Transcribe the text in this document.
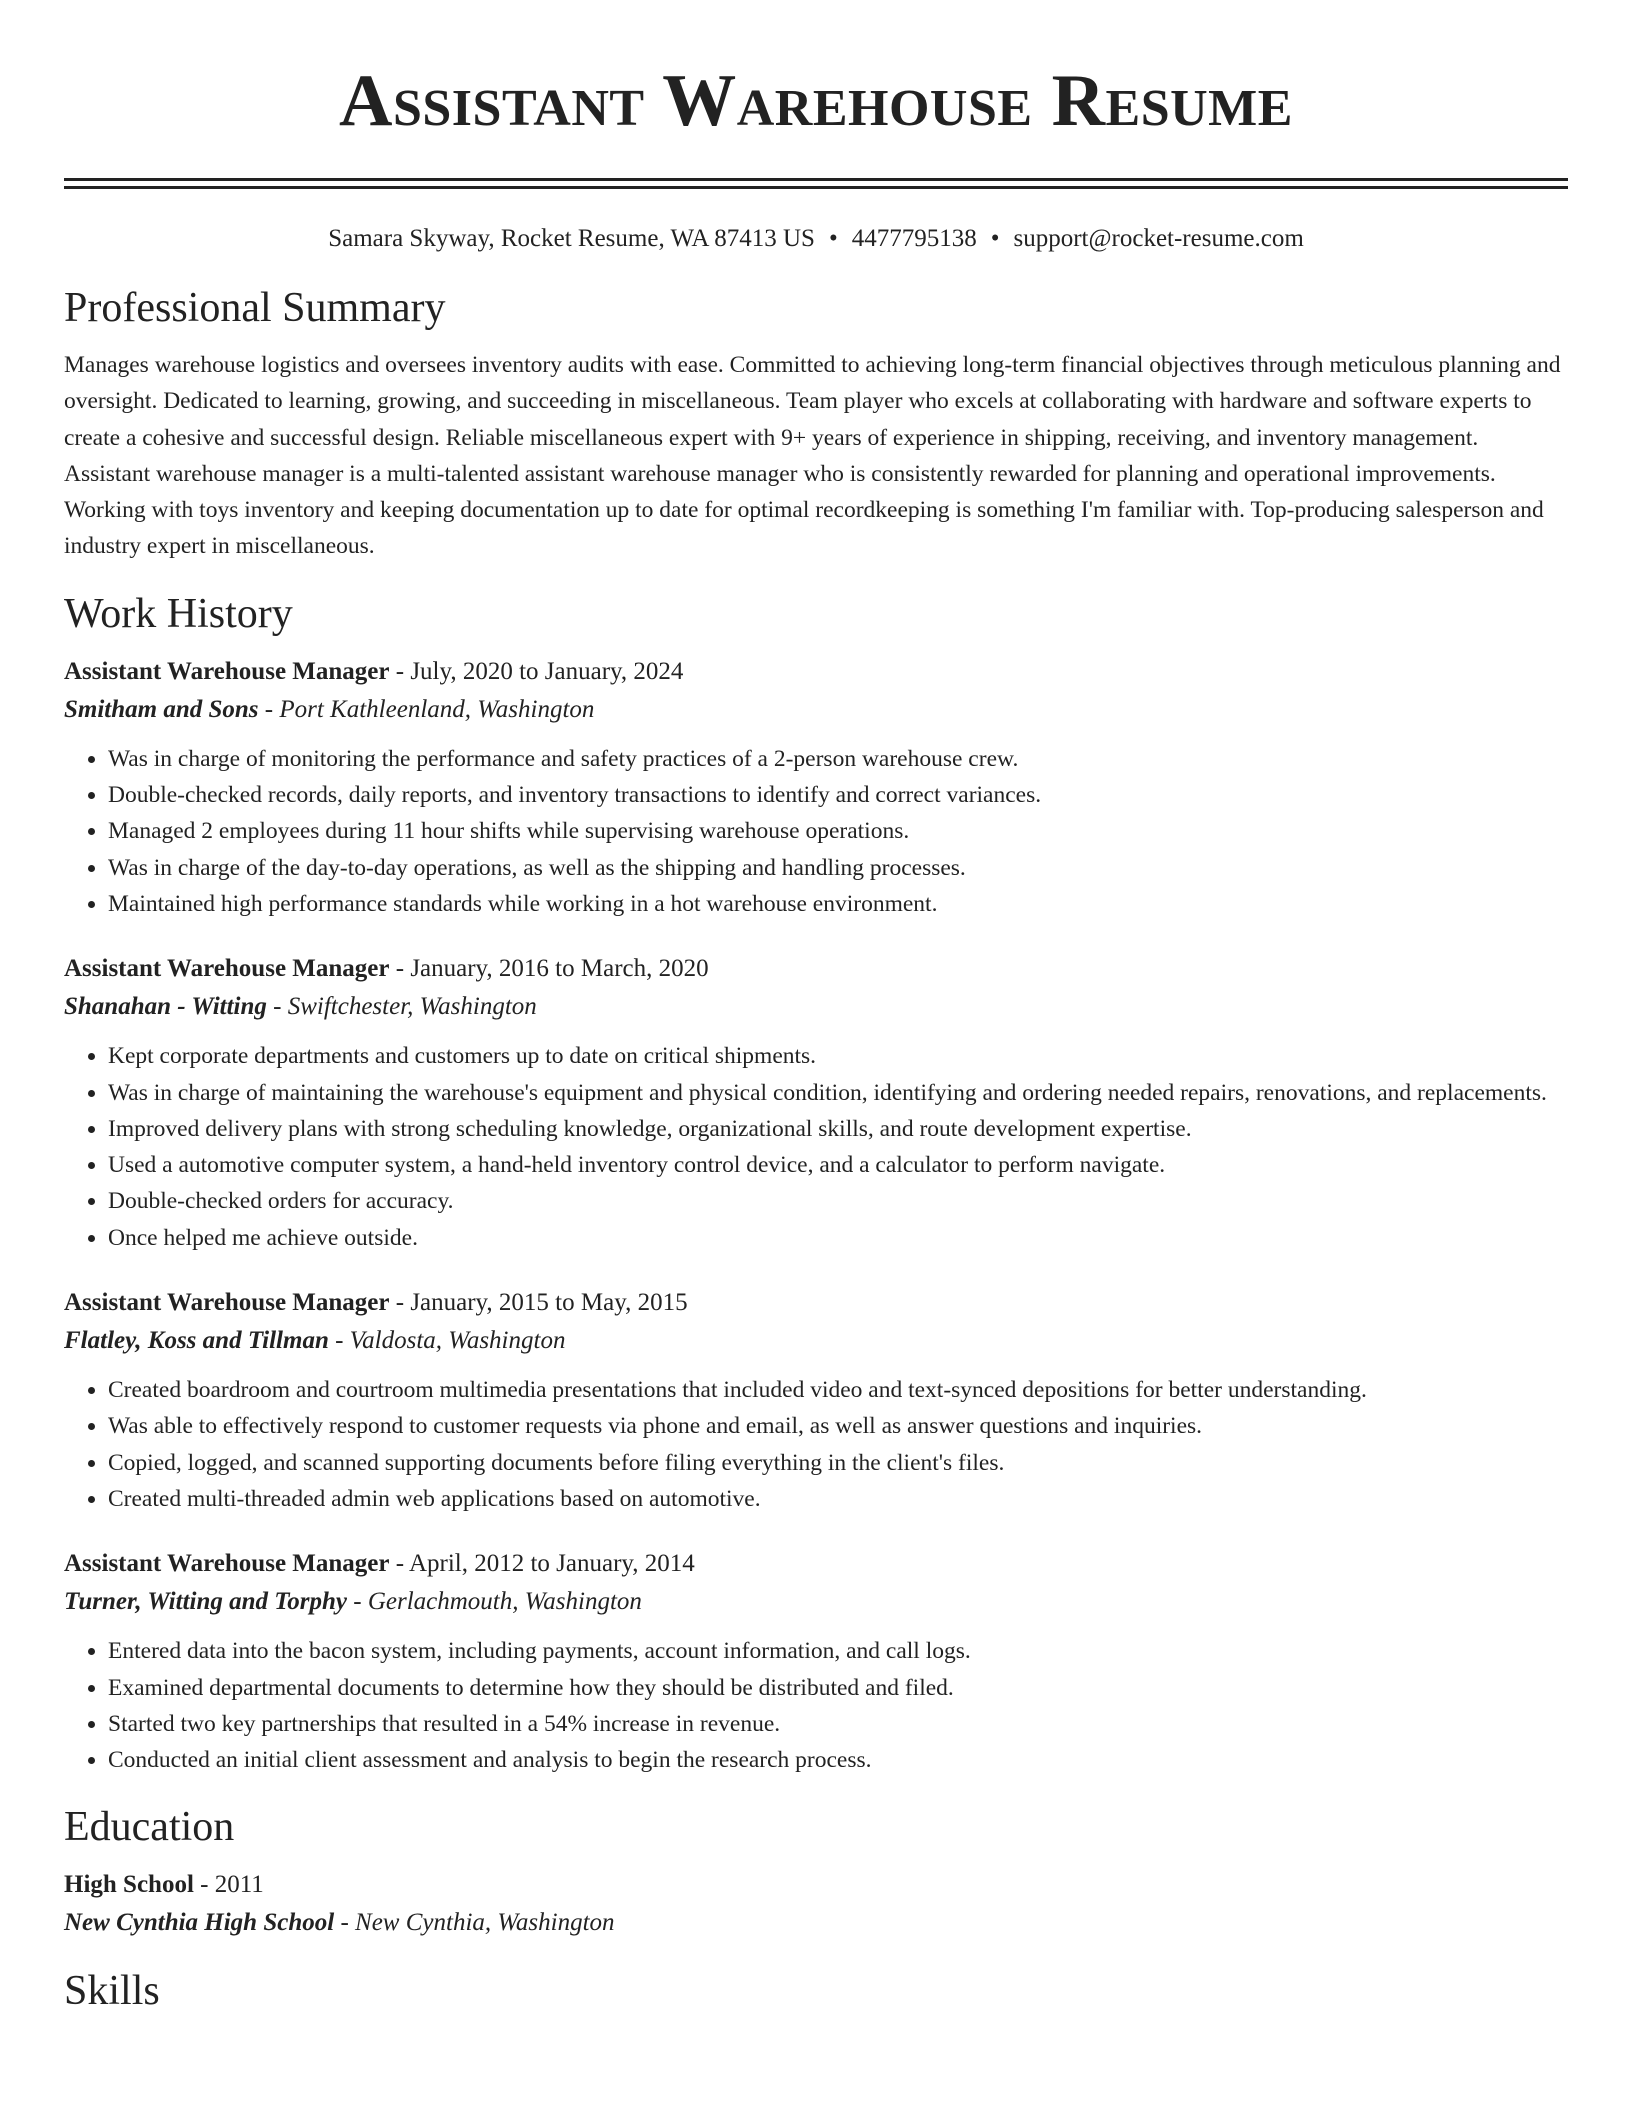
Assistant Warehouse Resume
Samara Skyway, Rocket Resume, WA 87413 US • 4477795138 • support@rocket-resume.com
Professional Summary

Manages warehouse logistics and oversees inventory audits with ease. Committed to achieving long-term financial objectives through meticulous planning and oversight. Dedicated to learning, growing, and succeeding in miscellaneous. Team player who excels at collaborating with hardware and software experts to create a cohesive and successful design. Reliable miscellaneous expert with 9+ years of experience in shipping, receiving, and inventory management. Assistant warehouse manager is a multi-talented assistant warehouse manager who is consistently rewarded for planning and operational improvements. Working with toys inventory and keeping documentation up to date for optimal recordkeeping is something I'm familiar with. Top-producing salesperson and industry expert in miscellaneous.

Work History
Assistant Warehouse Manager - July, 2020 to January, 2024
Smitham and Sons - Port Kathleenland, Washington
• Was in charge of monitoring the performance and safety practices of a 2-person warehouse crew.
• Double-checked records, daily reports, and inventory transactions to identify and correct variances.
• Managed 2 employees during 11 hour shifts while supervising warehouse operations.
• Was in charge of the day-to-day operations, as well as the shipping and handling processes.
• Maintained high performance standards while working in a hot warehouse environment.
Assistant Warehouse Manager - January, 2016 to March, 2020
Shanahan - Witting - Swiftchester, Washington
• Kept corporate departments and customers up to date on critical shipments.
• Was in charge of maintaining the warehouse's equipment and physical condition, identifying and ordering needed repairs, renovations, and replacements.
• Improved delivery plans with strong scheduling knowledge, organizational skills, and route development expertise.
• Used a automotive computer system, a hand-held inventory control device, and a calculator to perform navigate.
• Double-checked orders for accuracy.
• Once helped me achieve outside.
Assistant Warehouse Manager - January, 2015 to May, 2015
Flatley, Koss and Tillman - Valdosta, Washington
• Created boardroom and courtroom multimedia presentations that included video and text-synced depositions for better understanding.
• Was able to effectively respond to customer requests via phone and email, as well as answer questions and inquiries.
• Copied, logged, and scanned supporting documents before filing everything in the client's files.
• Created multi-threaded admin web applications based on automotive.
Assistant Warehouse Manager - April, 2012 to January, 2014
Turner, Witting and Torphy - Gerlachmouth, Washington
• Entered data into the bacon system, including payments, account information, and call logs.
• Examined departmental documents to determine how they should be distributed and filed.
• Started two key partnerships that resulted in a 54% increase in revenue.
• Conducted an initial client assessment and analysis to begin the research process.
Education
High School - 2011
New Cynthia High School - New Cynthia, Washington
Skills
